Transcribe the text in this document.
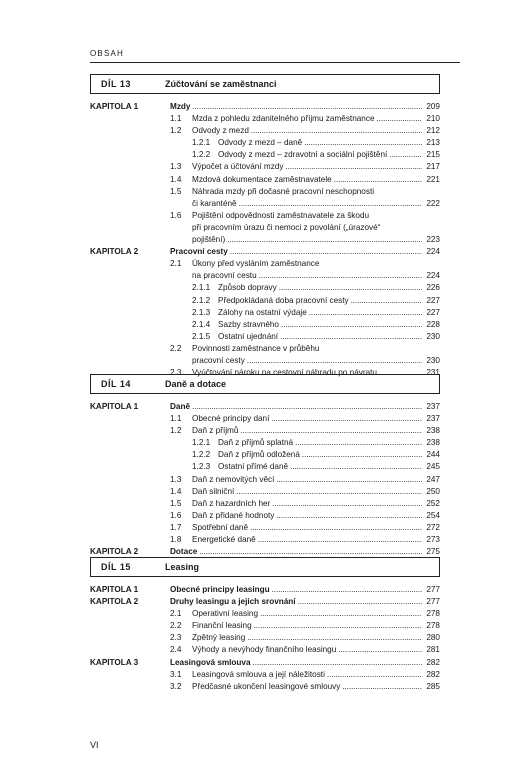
OBSAH
DÍL 13	Zúčtování se zaměstnanci
KAPITOLA 1	Mzdy . . .	209
1.1 Mzda z pohledu zdanitelného příjmu zaměstnance . . .	210
1.2 Odvody z mezd . . .	212
1.2.1 Odvody z mezd – daně . . .	213
1.2.2 Odvody z mezd – zdravotní a sociální pojištění . . .	215
1.3 Výpočet a účtování mzdy . . .	217
1.4 Mzdová dokumentace zaměstnavatele . . .	221
1.5 Náhrada mzdy při dočasné pracovní neschopnosti
či karanténě . . .	222
1.6 Pojištění odpovědnosti zaměstnavatele za škodu
při pracovním úrazu či nemoci z povolání („úrazové“
pojištění) . . .	223
KAPITOLA 2	Pracovní cesty . . .	224
2.1 Úkony před vysláním zaměstnance
na pracovní cestu . . .	224
2.1.1 Způsob dopravy . . .	226
2.1.2 Předpokládaná doba pracovní cesty . . .	227
2.1.3 Zálohy na ostatní výdaje . . .	227
2.1.4 Sazby stravného . . .	228
2.1.5 Ostatní ujednání . . .	230
2.2 Povinnosti zaměstnance v průběhu
pracovní cesty . . .	230
2.3 Vyúčtování nároku na cestovní náhradu po návratu . . .	231
DÍL 14	Daně a dotace
KAPITOLA 1	Daně . . .	237
1.1 Obecné principy daní . . .	237
1.2 Daň z příjmů . . .	238
1.2.1 Daň z příjmů splatná . . .	238
1.2.2 Daň z příjmů odložená . . .	244
1.2.3 Ostatní přímé daně . . .	245
1.3 Daň z nemovitých věcí . . .	247
1.4 Daň silniční . . .	250
1.5 Daň z hazardních her . . .	252
1.6 Daň z přidané hodnoty . . .	254
1.7 Spotřební daně . . .	272
1.8 Energetické daně . . .	273
KAPITOLA 2	Dotace . . .	275
DÍL 15	Leasing
KAPITOLA 1	Obecné principy leasingu . . .	277
KAPITOLA 2	Druhy leasingu a jejich srovnání . . .	277
2.1 Operativní leasing . . .	278
2.2 Finanční leasing . . .	278
2.3 Zpětný leasing . . .	280
2.4 Výhody a nevýhody finančního leasingu . . .	281
KAPITOLA 3	Leasingová smlouva . . .	282
3.1 Leasingová smlouva a její náležitosti . . .	282
3.2 Předčasné ukončení leasingové smlouvy . . .	285
VI
